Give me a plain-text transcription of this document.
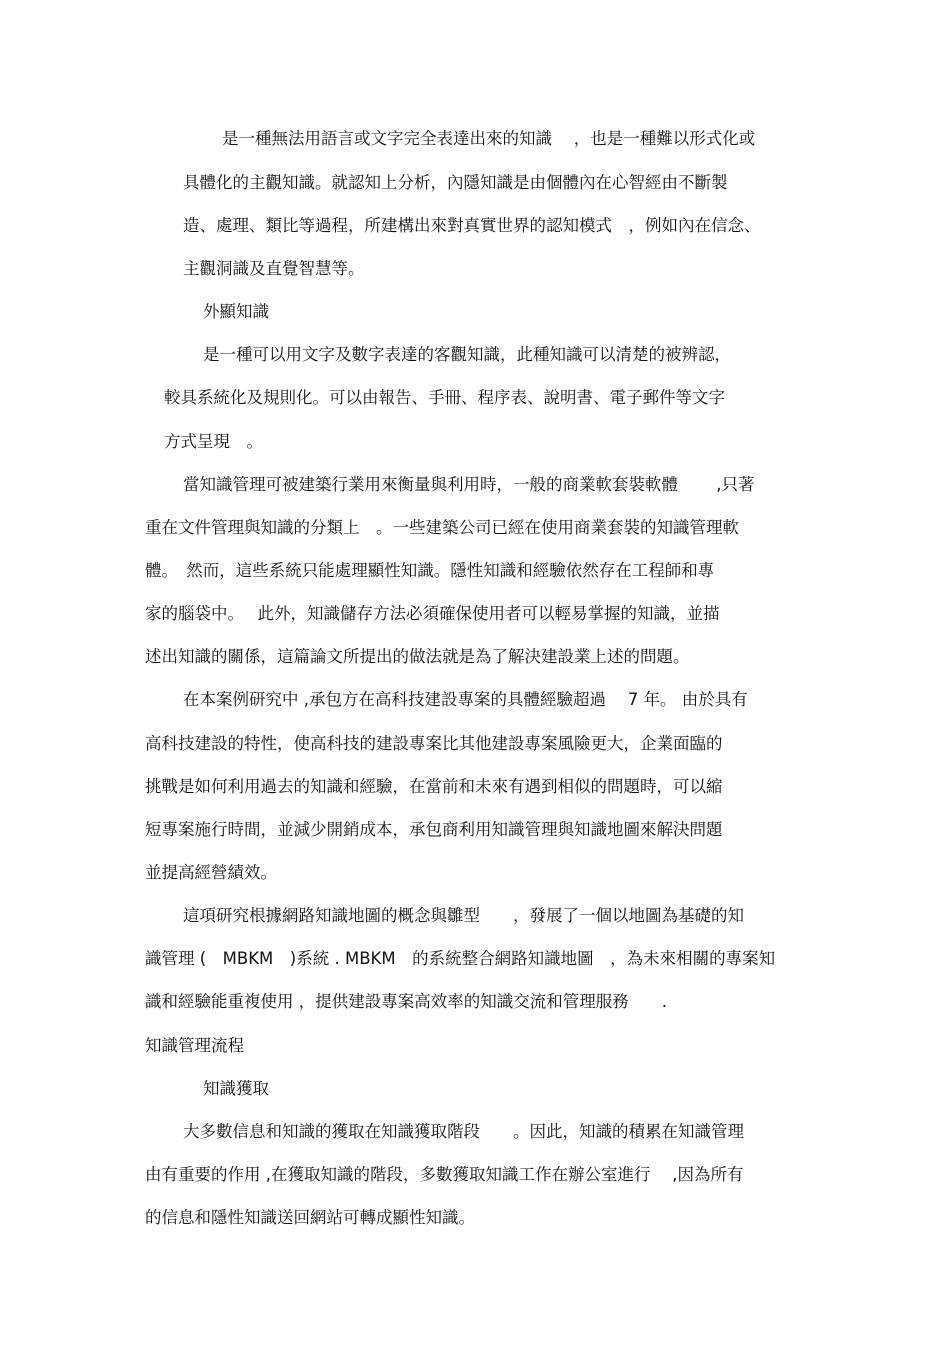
是一種無法用語言或文字完全表達出來的知識　 ，也是一種難以形式化或
具體化的主觀知識。就認知上分析，內隱知識是由個體內在心智經由不斷製
造、處理、類比等過程，所建構出來對真實世界的認知模式　，例如內在信念、
主觀洞識及直覺智慧等。
外顯知識
是一種可以用文字及數字表達的客觀知識，此種知識可以清楚的被辨認，
較具系統化及規則化。可以由報告、手冊、程序表、說明書、電子郵件等文字
方式呈現　。
當知識管理可被建築行業用來衡量與利用時，一般的商業軟套裝軟體　　 ,只著
重在文件管理與知識的分類上　。一些建築公司已經在使用商業套裝的知識管理軟
體。　然而，這些系統只能處理顯性知識。隱性知識和經驗依然存在工程師和專
家的腦袋中。　 此外，知識儲存方法必須確保使用者可以輕易掌握的知識，並描
述出知識的關係，這篇論文所提出的做法就是為了解決建設業上述的問題。
在本案例研究中 ,承包方在高科技建設專案的具體經驗超過　 7 年。 由於具有
高科技建設的特性，使高科技的建設專案比其他建設專案風險更大，企業面臨的
挑戰是如何利用過去的知識和經驗，在當前和未來有遇到相似的問題時，可以縮
短專案施行時間，並減少開銷成本，承包商利用知識管理與知識地圖來解決問題
並提高經營績效。
這項研究根據網路知識地圖的概念與雛型　　，發展了一個以地圖為基礎的知
識管理 (　MBKM　)系統 . MBKM　的系統整合網路知識地圖　，為未來相關的專案知
識和經驗能重複使用 ，提供建設專案高效率的知識交流和管理服務　　.
知識管理流程
知識獲取
大多數信息和知識的獲取在知識獲取階段　　。因此，知識的積累在知識管理
由有重要的作用 ,在獲取知識的階段，多數獲取知識工作在辦公室進行　 ,因為所有
的信息和隱性知識送回網站可轉成顯性知識。
